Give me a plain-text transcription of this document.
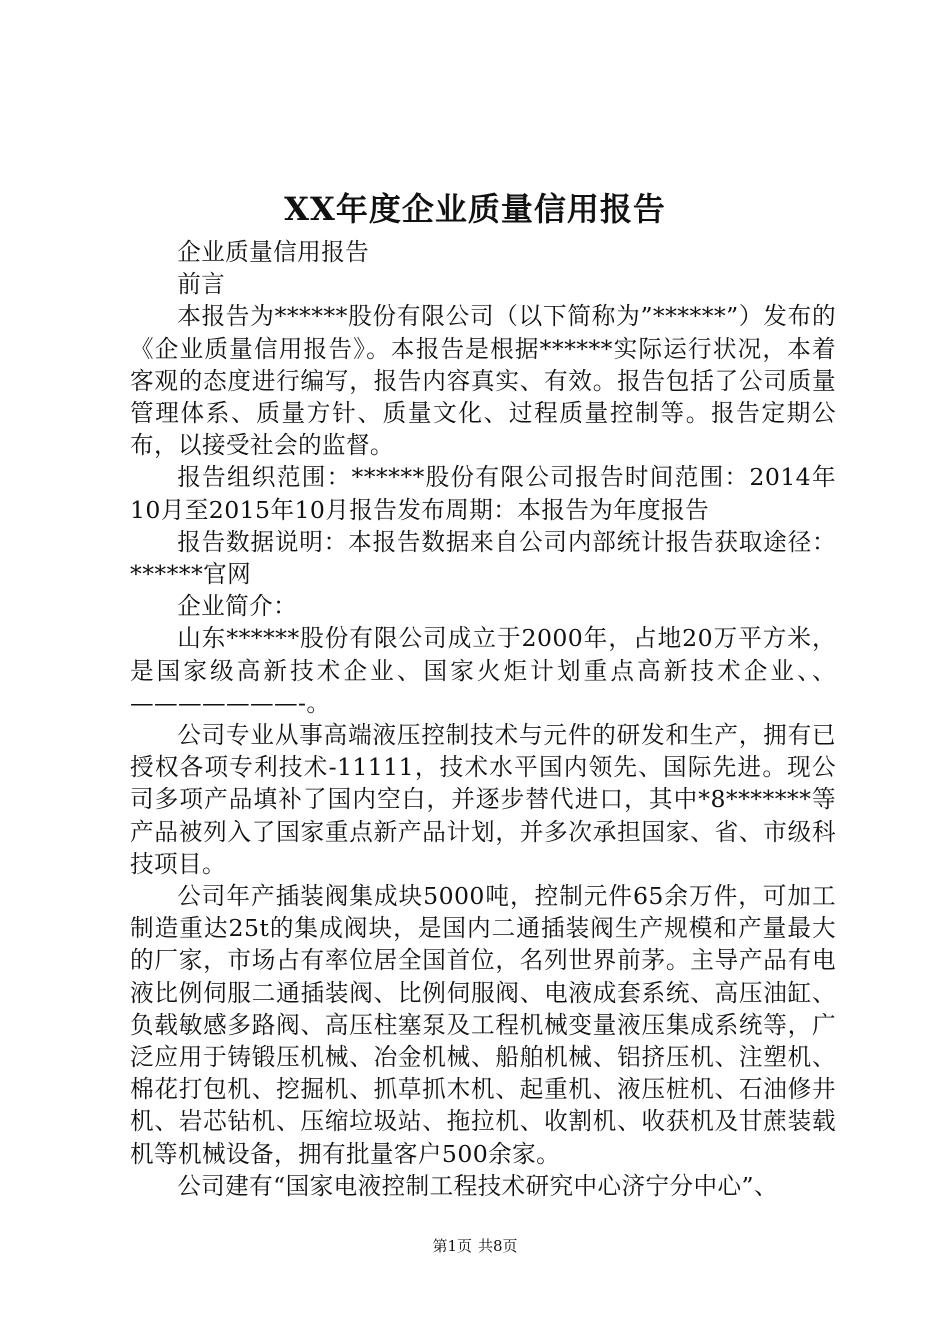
XX年度企业质量信用报告

企业质量信用报告

前言

本报告为******股份有限公司（以下简称为”******”）发布的《企业质量信用报告》。本报告是根据******实际运行状况，本着客观的态度进行编写，报告内容真实、有效。报告包括了公司质量管理体系、质量方针、质量文化、过程质量控制等。报告定期公布，以接受社会的监督。

报告组织范围：******股份有限公司报告时间范围：2014年10月至2015年10月报告发布周期：本报告为年度报告

报告数据说明：本报告数据来自公司内部统计报告获取途径：******官网

企业简介：

山东******股份有限公司成立于2000年，占地20万平方米，是国家级高新技术企业、国家火炬计划重点高新技术企业、、———————-。

公司专业从事高端液压控制技术与元件的研发和生产，拥有已授权各项专利技术-11111，技术水平国内领先、国际先进。现公司多项产品填补了国内空白，并逐步替代进口，其中*8*******等产品被列入了国家重点新产品计划，并多次承担国家、省、市级科技项目。

公司年产插装阀集成块5000吨，控制元件65余万件，可加工制造重达25t的集成阀块，是国内二通插装阀生产规模和产量最大的厂家，市场占有率位居全国首位，名列世界前茅。主导产品有电液比例伺服二通插装阀、比例伺服阀、电液成套系统、高压油缸、负载敏感多路阀、高压柱塞泵及工程机械变量液压集成系统等，广泛应用于铸锻压机械、冶金机械、船舶机械、铝挤压机、注塑机、棉花打包机、挖掘机、抓草抓木机、起重机、液压桩机、石油修井机、岩芯钻机、压缩垃圾站、拖拉机、收割机、收获机及甘蔗装载机等机械设备，拥有批量客户500余家。

公司建有“国家电液控制工程技术研究中心济宁分中心”、

第1页 共8页
